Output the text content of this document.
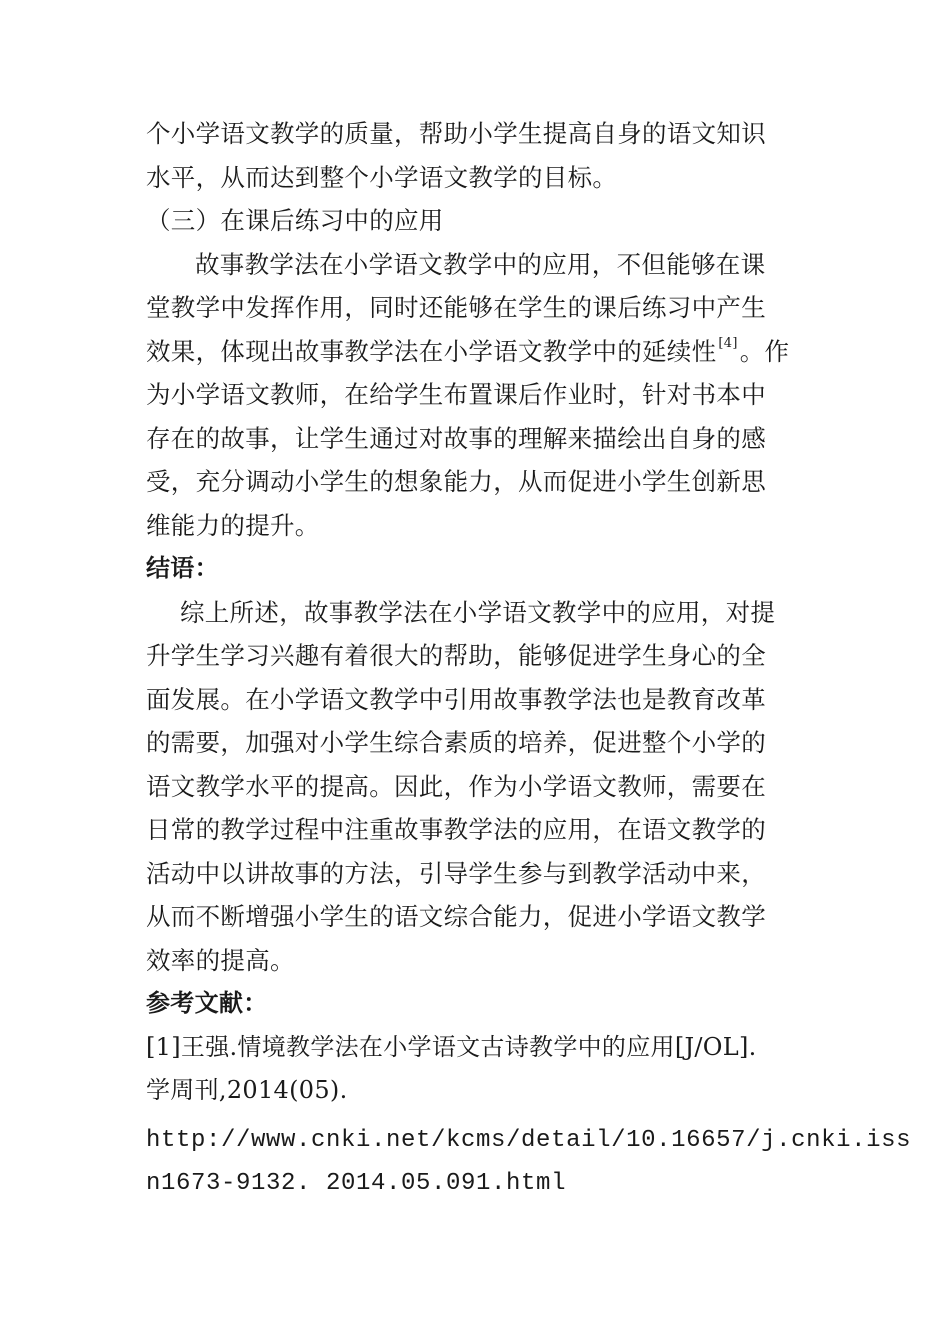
个小学语文教学的质量，帮助小学生提高自身的语文知识
水平，从而达到整个小学语文教学的目标。
（三）在课后练习中的应用
故事教学法在小学语文教学中的应用，不但能够在课
堂教学中发挥作用，同时还能够在学生的课后练习中产生
效果，体现出故事教学法在小学语文教学中的延续性 [4]。作
为小学语文教师，在给学生布置课后作业时，针对书本中
存在的故事，让学生通过对故事的理解来描绘出自身的感
受，充分调动小学生的想象能力，从而促进小学生创新思
维能力的提升。
结语：
综上所述，故事教学法在小学语文教学中的应用，对提
升学生学习兴趣有着很大的帮助，能够促进学生身心的全
面发展。在小学语文教学中引用故事教学法也是教育改革
的需要，加强对小学生综合素质的培养，促进整个小学的
语文教学水平的提高。因此，作为小学语文教师，需要在
日常的教学过程中注重故事教学法的应用，在语文教学的
活动中以讲故事的方法，引导学生参与到教学活动中来，
从而不断增强小学生的语文综合能力，促进小学语文教学
效率的提高。
参考文献：
[1]王强.情境教学法在小学语文古诗教学中的应用[J/OL].
学周刊,2014(05).
http://www.cnki.net/kcms/detail/10.16657/j.cnki.iss
n1673-9132. 2014.05.091.html
